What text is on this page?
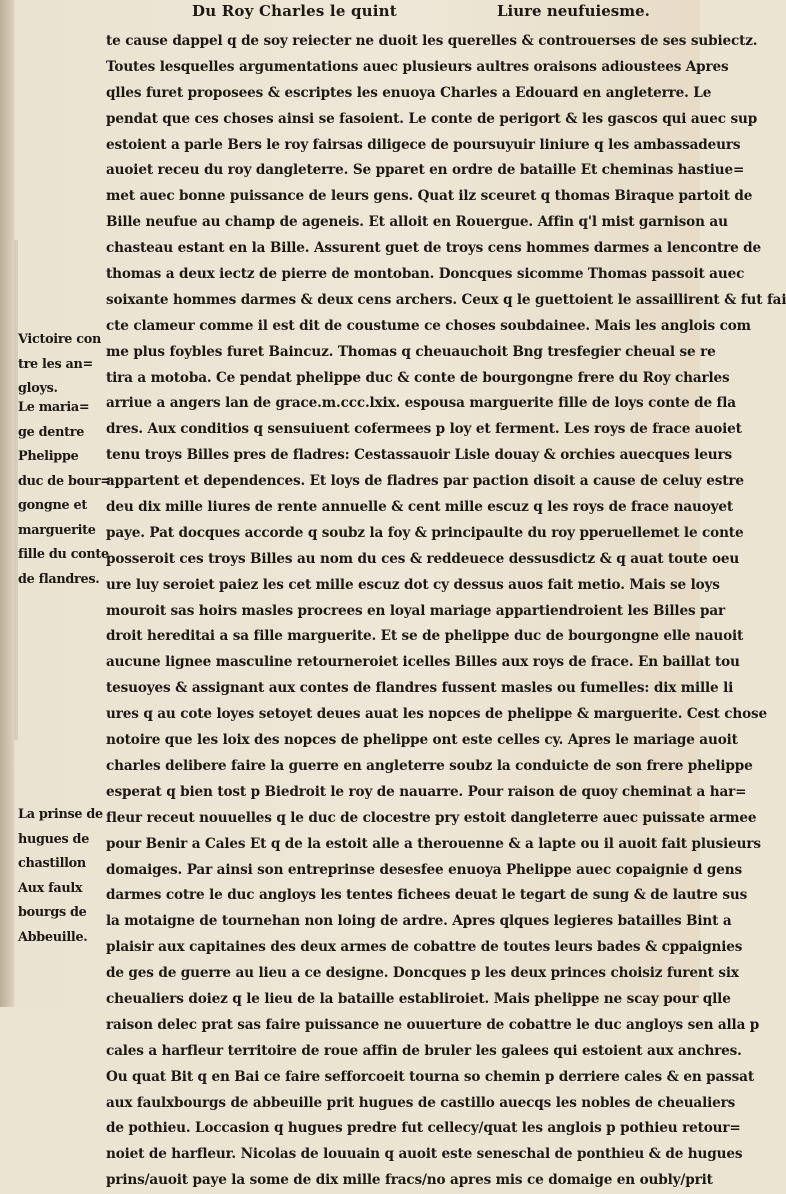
Du Roy Charles le quint	Liure neufuiesme.
te cause dappel q de soy reiecter ne duoit les querelles & controuerses de ses subiectz.
Toutes lesquelles argumentations auec plusieurs aultres oraisons adioustees Apres
qlles furet proposees & escriptes les enuoya Charles a Edouard en angleterre. Le
pendat que ces choses ainsi se fasoient. Le conte de perigort & les gascos qui auec sup
estoient a parle Bers le roy fairsas diligece de poursuyuir liniure q les ambassadeurs
auoiet receu du roy dangleterre. Se pparet en ordre de bataille Et cheminas hastiue=
met auec bonne puissance de leurs gens. Quat ilz sceuret q thomas Biraque partoit de
Bille neufue au champ de ageneis. Et alloit en Rouergue. Affin q'l mist garnison au
chasteau estant en la Bille. Assurent guet de troys cens hommes darmes a lencontre de
thomas a deux iectz de pierre de montoban. Doncques sicomme Thomas passoit auec
soixante hommes darmes & deux cens archers. Ceux q le guettoient le assaillirent & fut fai
cte clameur comme il est dit de coustume ce choses soubdainee. Mais les anglois com
me plus foybles furet Baincuz. Thomas q cheuauchoit Bng tresfegier cheual se re
tira a motoba. Ce pendat phelippe duc & conte de bourgongne frere du Roy charles
arriue a angers lan de grace.m.ccc.lxix. espousa marguerite fille de loys conte de fla
dres. Aux conditios q sensuiuent cofermees p loy et ferment. Les roys de frace auoiet
tenu troys Billes pres de fladres: Cestassauoir Lisle douay & orchies auecques leurs
appartent et dependences. Et loys de fladres par paction disoit a cause de celuy estre
deu dix mille liures de rente annuelle & cent mille escuz q les roys de frace nauoyet
paye. Pat docques accorde q soubz la foy & principaulte du roy pperuellemet le conte
posseroit ces troys Billes au nom du ces & reddeuece dessusdictz & q auat toute oeu
ure luy seroiet paiez les cet mille escuz dot cy dessus auos fait metio. Mais se loys
mouroit sas hoirs masles procrees en loyal mariage appartiendroient les Billes par
droit hereditai a sa fille marguerite. Et se de phelippe duc de bourgongne elle nauoit
aucune lignee masculine retourneroiet icelles Billes aux roys de frace. En baillat tou
tesuoyes & assignant aux contes de flandres fussent masles ou fumelles: dix mille li
ures q au cote loyes setoyet deues auat les nopces de phelippe & marguerite. Cest chose
notoire que les loix des nopces de phelippe ont este celles cy. Apres le mariage auoit
charles delibere faire la guerre en angleterre soubz la conduicte de son frere phelippe
esperat q bien tost p Biedroit le roy de nauarre. Pour raison de quoy cheminat a har=
fleur receut nouuelles q le duc de clocestre pry estoit dangleterre auec puissate armee
pour Benir a Cales Et q de la estoit alle a therouenne & a lapte ou il auoit fait plusieurs
domaiges. Par ainsi son entreprinse desesfee enuoya Phelippe auec copaignie d gens
darmes cotre le duc angloys les tentes fichees deuat le tegart de sung & de lautre sus
la motaigne de tournehan non loing de ardre. Apres qlques legieres batailles Bint a
plaisir aux capitaines des deux armes de cobattre de toutes leurs bades & cppaignies
de ges de guerre au lieu a ce designe. Doncques p les deux princes choisiz furent six
cheualiers doiez q le lieu de la bataille establiroiet. Mais phelippe ne scay pour qlle
raison delec prat sas faire puissance ne ouuerture de cobattre le duc angloys sen alla p
cales a harfleur territoire de roue affin de bruler les galees qui estoient aux anchres.
Ou quat Bit q en Bai ce faire sefforcoeit tourna so chemin p derriere cales & en passat
aux faulxbourgs de abbeuille prit hugues de castillo auecqs les nobles de cheualiers
de pothieu. Loccasion q hugues predre fut cellecy/quat les anglois p pothieu retour=
noiet de harfleur. Nicolas de louuain q auoit este seneschal de ponthieu & de hugues
prins/auoit paye la some de dix mille fracs/no apres mis ce domaige en oubly/prit
Victoire con
tre les an=
gloys.
Le maria=
ge dentre
Phelippe
duc de bour=
gongne et
marguerite
fille du conte
de flandres.
La prinse de
hugues de
chastillon
Aux faulx
bourgs de
Abbeuille.
